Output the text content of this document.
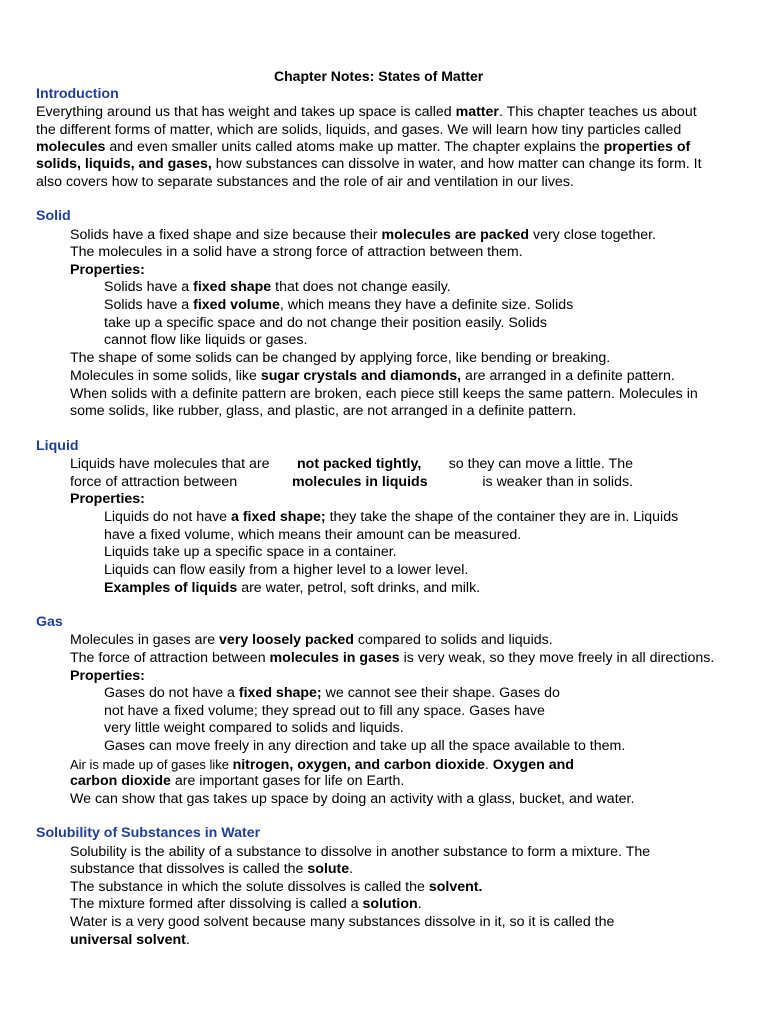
Chapter Notes: States of Matter
Introduction
Everything around us that has weight and takes up space is called matter. This chapter teaches us about
the different forms of matter, which are solids, liquids, and gases. We will learn how tiny particles called
molecules and even smaller units called atoms make up matter. The chapter explains the properties of
solids, liquids, and gases, how substances can dissolve in water, and how matter can change its form. It
also covers how to separate substances and the role of air and ventilation in our lives.
Solid
Solids have a fixed shape and size because their molecules are packed very close together.
The molecules in a solid have a strong force of attraction between them.
Properties:
Solids have a fixed shape that does not change easily.
Solids have a fixed volume, which means they have a definite size. Solids
take up a specific space and do not change their position easily. Solids
cannot flow like liquids or gases.
The shape of some solids can be changed by applying force, like bending or breaking.
Molecules in some solids, like sugar crystals and diamonds, are arranged in a definite pattern.
When solids with a definite pattern are broken, each piece still keeps the same pattern. Molecules in
some solids, like rubber, glass, and plastic, are not arranged in a definite pattern.
Liquid
Liquids have molecules that are not packed tightly, so they can move a little. The
force of attraction between	molecules in liquids	is weaker than in solids.
Properties:
Liquids do not have a fixed shape; they take the shape of the container they are in. Liquids
have a fixed volume, which means their amount can be measured.
Liquids take up a specific space in a container.
Liquids can flow easily from a higher level to a lower level.
Examples of liquids are water, petrol, soft drinks, and milk.
Gas
Molecules in gases are very loosely packed compared to solids and liquids.
The force of attraction between molecules in gases is very weak, so they move freely in all directions.
Properties:
Gases do not have a fixed shape; we cannot see their shape. Gases do
not have a fixed volume; they spread out to fill any space. Gases have
very little weight compared to solids and liquids.
Gases can move freely in any direction and take up all the space available to them.
Air is made up of gases like nitrogen, oxygen, and carbon dioxide. Oxygen and
carbon dioxide are important gases for life on Earth.
We can show that gas takes up space by doing an activity with a glass, bucket, and water.
Solubility of Substances in Water
Solubility is the ability of a substance to dissolve in another substance to form a mixture. The
substance that dissolves is called the solute.
The substance in which the solute dissolves is called the solvent.
The mixture formed after dissolving is called a solution.
Water is a very good solvent because many substances dissolve in it, so it is called the
universal solvent.
